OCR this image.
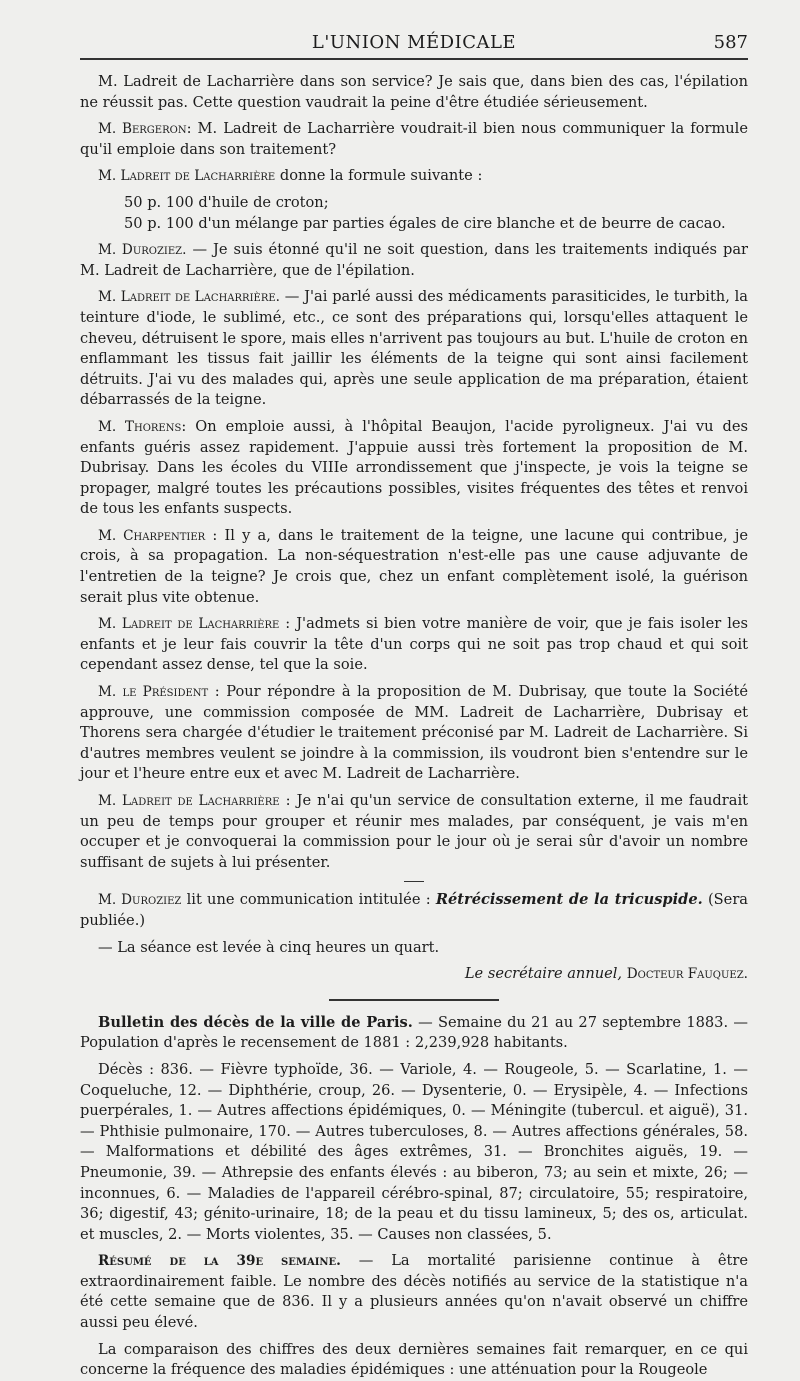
L'UNION MÉDICALE	587

M. Ladreit de Lacharrière dans son service? Je sais que, dans bien des cas, l'épilation ne réussit pas. Cette question vaudrait la peine d'être étudiée sérieusement.

M. Bergeron: M. Ladreit de Lacharrière voudrait-il bien nous communiquer la formule qu'il emploie dans son traitement?

M. Ladreit de Lacharrière donne la formule suivante :

50 p. 100 d'huile de croton;

50 p. 100 d'un mélange par parties égales de cire blanche et de beurre de cacao.

M. Duroziez. — Je suis étonné qu'il ne soit question, dans les traitements indiqués par M. Ladreit de Lacharrière, que de l'épilation.

M. Ladreit de Lacharrière. — J'ai parlé aussi des médicaments parasiticides, le turbith, la teinture d'iode, le sublimé, etc., ce sont des préparations qui, lorsqu'elles attaquent le cheveu, détruisent le spore, mais elles n'arrivent pas toujours au but. L'huile de croton en enflammant les tissus fait jaillir les éléments de la teigne qui sont ainsi facilement détruits. J'ai vu des malades qui, après une seule application de ma préparation, étaient débarrassés de la teigne.

M. Thorens: On emploie aussi, à l'hôpital Beaujon, l'acide pyroligneux. J'ai vu des enfants guéris assez rapidement. J'appuie aussi très fortement la proposition de M. Dubrisay. Dans les écoles du VIIIe arrondissement que j'inspecte, je vois la teigne se propager, malgré toutes les précautions possibles, visites fréquentes des têtes et renvoi de tous les enfants suspects.

M. Charpentier : Il y a, dans le traitement de la teigne, une lacune qui contribue, je crois, à sa propagation. La non-séquestration n'est-elle pas une cause adjuvante de l'entretien de la teigne? Je crois que, chez un enfant complètement isolé, la guérison serait plus vite obtenue.

M. Ladreit de Lacharrière : J'admets si bien votre manière de voir, que je fais isoler les enfants et je leur fais couvrir la tête d'un corps qui ne soit pas trop chaud et qui soit cependant assez dense, tel que la soie.

M. le Président : Pour répondre à la proposition de M. Dubrisay, que toute la Société approuve, une commission composée de MM. Ladreit de Lacharrière, Dubrisay et Thorens sera chargée d'étudier le traitement préconisé par M. Ladreit de Lacharrière. Si d'autres membres veulent se joindre à la commission, ils voudront bien s'entendre sur le jour et l'heure entre eux et avec M. Ladreit de Lacharrière.

M. Ladreit de Lacharrière : Je n'ai qu'un service de consultation externe, il me faudrait un peu de temps pour grouper et réunir mes malades, par conséquent, je vais m'en occuper et je convoquerai la commission pour le jour où je serai sûr d'avoir un nombre suffisant de sujets à lui présenter.

M. Duroziez lit une communication intitulée : Rétrécissement de la tricuspide. (Sera publiée.)

— La séance est levée à cinq heures un quart.

Le secrétaire annuel, Docteur Fauquez.

Bulletin des décès de la ville de Paris. — Semaine du 21 au 27 septembre 1883. — Population d'après le recensement de 1881 : 2,239,928 habitants.

Décès : 836. — Fièvre typhoïde, 36. — Variole, 4. — Rougeole, 5. — Scarlatine, 1. — Coqueluche, 12. — Diphthérie, croup, 26. — Dysenterie, 0. — Erysipèle, 4. — Infections puerpérales, 1. — Autres affections épidémiques, 0. — Méningite (tubercul. et aiguë), 31. — Phthisie pulmonaire, 170. — Autres tuberculoses, 8. — Autres affections générales, 58. — Malformations et débilité des âges extrêmes, 31. — Bronchites aiguës, 19. — Pneumonie, 39. — Athrepsie des enfants élevés : au biberon, 73; au sein et mixte, 26; — inconnues, 6. — Maladies de l'appareil cérébro-spinal, 87; circulatoire, 55; respiratoire, 36; digestif, 43; génito-urinaire, 18; de la peau et du tissu lamineux, 5; des os, articulat. et muscles, 2. — Morts violentes, 35. — Causes non classées, 5.

Résumé de la 39e semaine. — La mortalité parisienne continue à être extraordinairement faible. Le nombre des décès notifiés au service de la statistique n'a été cette semaine que de 836. Il y a plusieurs années qu'on n'avait observé un chiffre aussi peu élevé.

La comparaison des chiffres des deux dernières semaines fait remarquer, en ce qui concerne la fréquence des maladies épidémiques : une atténuation pour la Rougeole
